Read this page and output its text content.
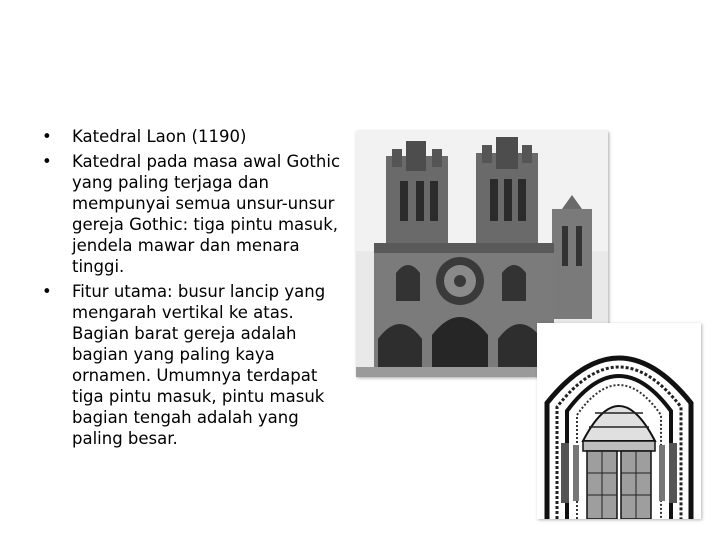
•	Katedral Laon (1190)
•	Katedral pada masa awal Gothic yang paling terjaga dan mempunyai semua unsur-unsur gereja Gothic: tiga pintu masuk, jendela mawar dan menara tinggi.
•	Fitur utama: busur lancip yang mengarah vertikal ke atas. Bagian barat gereja adalah bagian yang paling kaya ornamen. Umumnya terdapat tiga pintu masuk, pintu masuk bagian tengah adalah yang paling besar.
